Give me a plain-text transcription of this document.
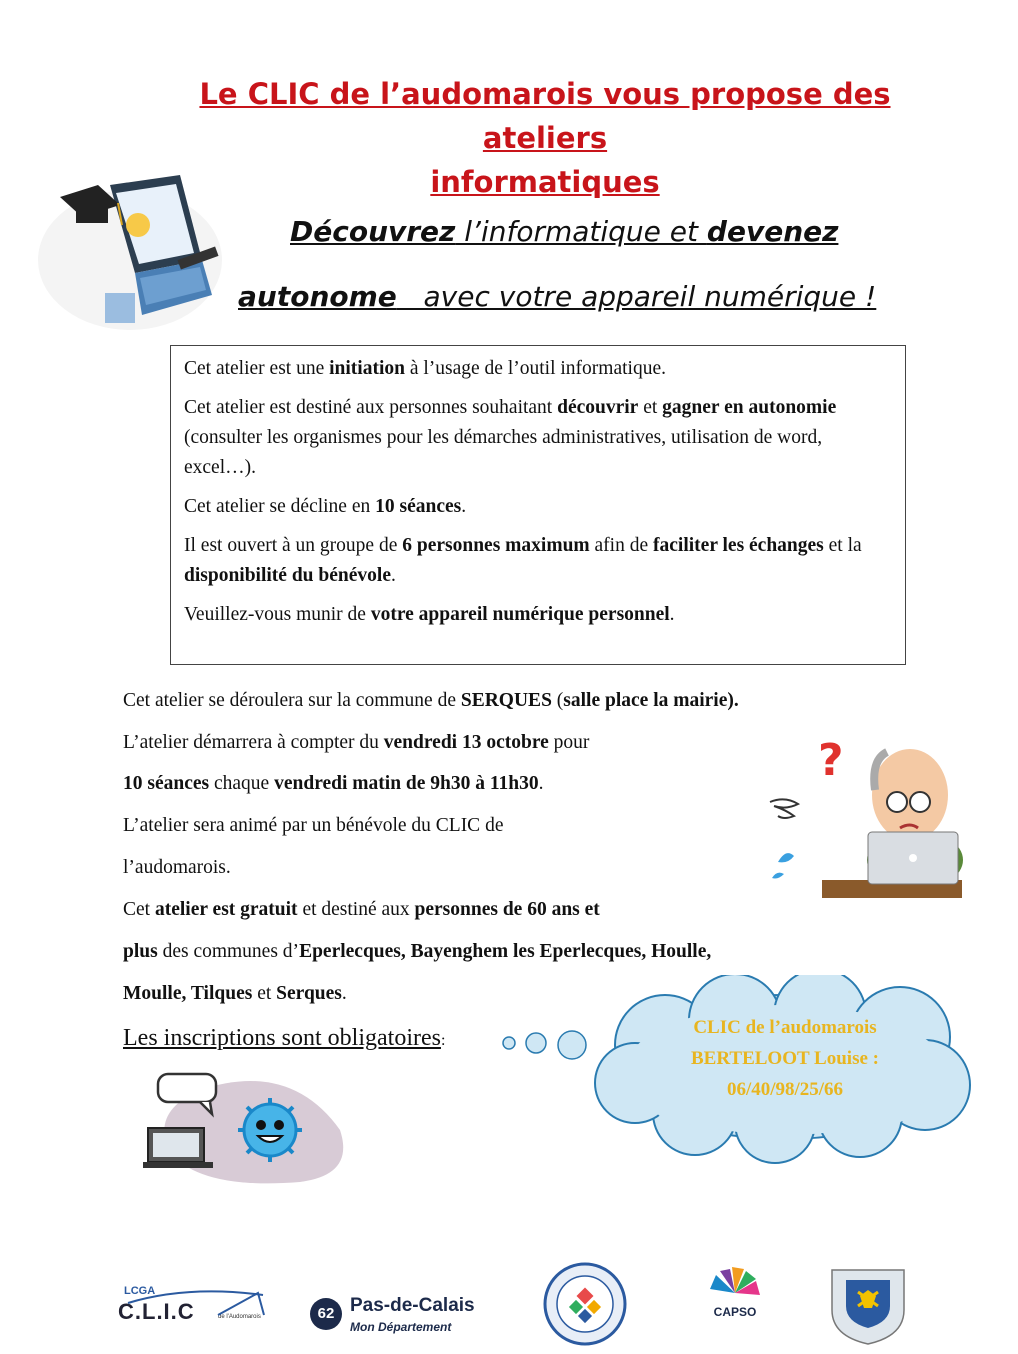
Le CLIC de l’audomarois vous propose des ateliers
informatiques
Découvrez l’informatique et devenez
autonome   avec votre appareil numérique !

Cet atelier est une initiation à l’usage de l’outil informatique.

Cet atelier est destiné aux personnes souhaitant découvrir et gagner en autonomie (consulter les organismes pour les démarches administratives, utilisation de word, excel…).

Cet atelier se décline en 10 séances.

Il est ouvert à un groupe de 6 personnes maximum afin de faciliter les échanges et la disponibilité du bénévole.

Veuillez-vous munir de votre appareil numérique personnel.

Cet atelier se déroulera sur la commune de SERQUES (salle place la mairie).
L’atelier démarrera à compter du vendredi 13 octobre pour
10 séances chaque vendredi matin de 9h30 à 11h30.
L’atelier sera animé par un bénévole du CLIC de
l’audomarois.
Cet atelier est gratuit et destiné aux personnes de 60 ans et
plus des communes d’Eperlecques, Bayenghem les Eperlecques, Houlle,
Moulle, Tilques et Serques.
?
Les inscriptions sont obligatoires:
CLIC de l’audomarois
BERTELOOT Louise :
06/40/98/25/66
LCGA
C.L.I.C	de l'Audomarois	62 Pas-de-Calais
Mon Département
CAPSO
